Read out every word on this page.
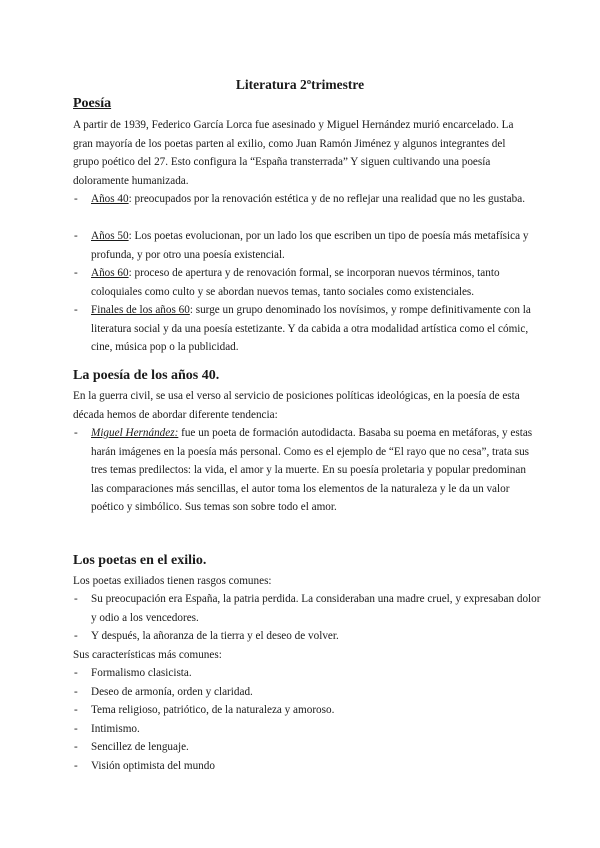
Literatura 2ºtrimestre
Poesía
A partir de 1939, Federico García Lorca fue asesinado y Miguel Hernández murió encarcelado. La gran mayoría de los poetas parten al exilio, como Juan Ramón Jiménez y algunos integrantes del grupo poético del 27. Esto configura la “España transterrada” Y siguen cultivando una poesía doloramente humanizada.
- Años 40: preocupados por la renovación estética y de no reflejar una realidad que no les gustaba.
- Años 50: Los poetas evolucionan, por un lado los que escriben un tipo de poesía más metafísica y profunda, y por otro una poesía existencial.
- Años 60: proceso de apertura y de renovación formal, se incorporan nuevos términos, tanto coloquiales como culto y se abordan nuevos temas, tanto sociales como existenciales.
- Finales de los años 60: surge un grupo denominado los novísimos, y rompe definitivamente con la literatura social y da una poesía estetizante. Y da cabida a otra modalidad artística como el cómic, cine, música pop o la publicidad.
La poesía de los años 40.
En la guerra civil, se usa el verso al servicio de posiciones políticas ideológicas, en la poesía de esta década hemos de abordar diferente tendencia:
- Miguel Hernández: fue un poeta de formación autodidacta. Basaba su poema en metáforas, y estas harán imágenes en la poesía más personal. Como es el ejemplo de “El rayo que no cesa”, trata sus tres temas predilectos: la vida, el amor y la muerte. En su poesía proletaria y popular predominan las comparaciones más sencillas, el autor toma los elementos de la naturaleza y le da un valor poético y simbólico. Sus temas son sobre todo el amor.
Los poetas en el exilio.
Los poetas exiliados tienen rasgos comunes:
- Su preocupación era España, la patria perdida. La consideraban una madre cruel, y expresaban dolor y odio a los vencedores.
- Y después, la añoranza de la tierra y el deseo de volver.
Sus características más comunes:
- Formalismo clasicista.
- Deseo de armonía, orden y claridad.
- Tema religioso, patriótico, de la naturaleza y amoroso.
- Intimismo.
- Sencillez de lenguaje.
- Visión optimista del mundo
